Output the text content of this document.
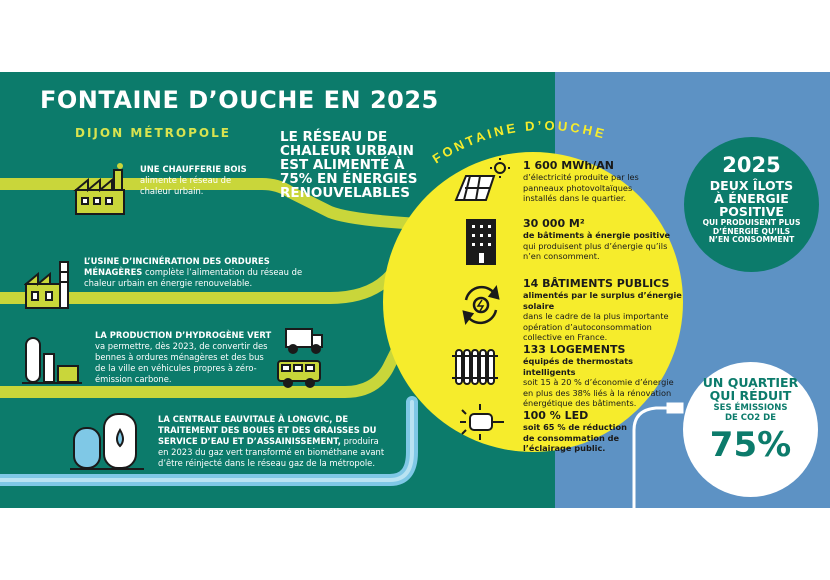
FONTAINE D’OUCHE EN 2025
DIJON MÉTROPOLE	LE RÉSEAU DE
CHALEUR URBAIN
EST ALIMENTÉ À
75% EN ÉNERGIES
RENOUVELABLES
UNE CHAUFFERIE BOIS alimente le réseau de chaleur urbain.
L’USINE D’INCINÉRATION DES ORDURES MÉNAGÈRES complète l’alimentation du réseau de chaleur urbain en énergie renouvelable.
LA PRODUCTION D’HYDROGÈNE VERT va permettre, dès 2023, de convertir des bennes à ordures ménagères et des bus de la ville en véhicules propres à zéro-émission carbone.
LA CENTRALE EAUVITALE À LONGVIC, DE TRAITEMENT DES BOUES ET DES GRAISSES DU SERVICE D’EAU ET D’ASSAINISSEMENT, produira en 2023 du gaz vert transformé en biométhane avant d’être réinjecté dans le réseau gaz de la métropole.
FONTAINE D’OUCHE
1 600 MWh/AN
d’électricité produite par les panneaux photovoltaïques installés dans le quartier.
30 000 M²
de bâtiments à énergie positive
qui produisent plus d’énergie qu’ils n’en consomment.
14 BÂTIMENTS PUBLICS
alimentés par le surplus d’énergie solaire
dans le cadre de la plus importante opération d’autoconsommation collective en France.
133 LOGEMENTS
équipés de thermostats intelligents
soit 15 à 20 % d’économie d’énergie en plus des 38% liés à la rénovation énergétique des bâtiments.
100 % LED
soit 65 % de réduction de consommation de l’éclairage public.
2025
DEUX ÎLOTS
À ÉNERGIE
POSITIVE
QUI PRODUISENT PLUS
D’ÉNERGIE QU’ILS
N’EN CONSOMMENT
UN QUARTIER
QUI RÉDUIT
SES ÉMISSIONS
DE CO2 DE
75%
